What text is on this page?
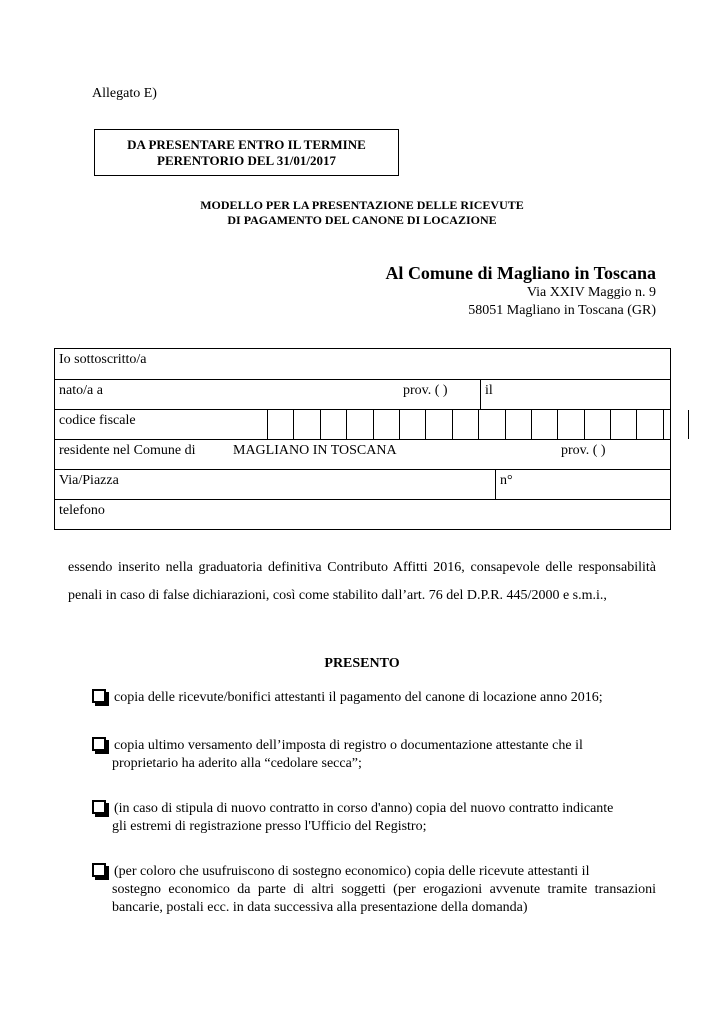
Allegato E)
DA PRESENTARE ENTRO IL TERMINE
PERENTORIO DEL 31/01/2017
MODELLO PER LA PRESENTAZIONE DELLE RICEVUTE
DI PAGAMENTO DEL CANONE DI LOCAZIONE
Al Comune di Magliano in Toscana
Via XXIV Maggio n. 9
58051 Magliano in Toscana (GR)
Io sottoscritto/a
nato/a a	prov. ( )	il
codice fiscale
residente nel Comune di	MAGLIANO IN TOSCANA	prov. ( )
Via/Piazza	n°
telefono
essendo inserito nella graduatoria definitiva Contributo Affitti 2016, consapevole delle responsabilità penali in caso di false dichiarazioni, così come stabilito dall’art. 76 del D.P.R. 445/2000 e s.m.i.,
PRESENTO
copia delle ricevute/bonifici attestanti il pagamento del canone di locazione anno 2016;
copia ultimo versamento dell’imposta di registro o documentazione attestante che il
proprietario ha aderito alla “cedolare secca”;
(in caso di stipula di nuovo contratto in corso d'anno) copia del nuovo contratto indicante
gli estremi di registrazione presso l'Ufficio del Registro;
(per coloro che usufruiscono di sostegno economico) copia delle ricevute attestanti il
sostegno economico da parte di altri soggetti (per erogazioni avvenute tramite transazioni bancarie, postali ecc. in data successiva alla presentazione della domanda)
